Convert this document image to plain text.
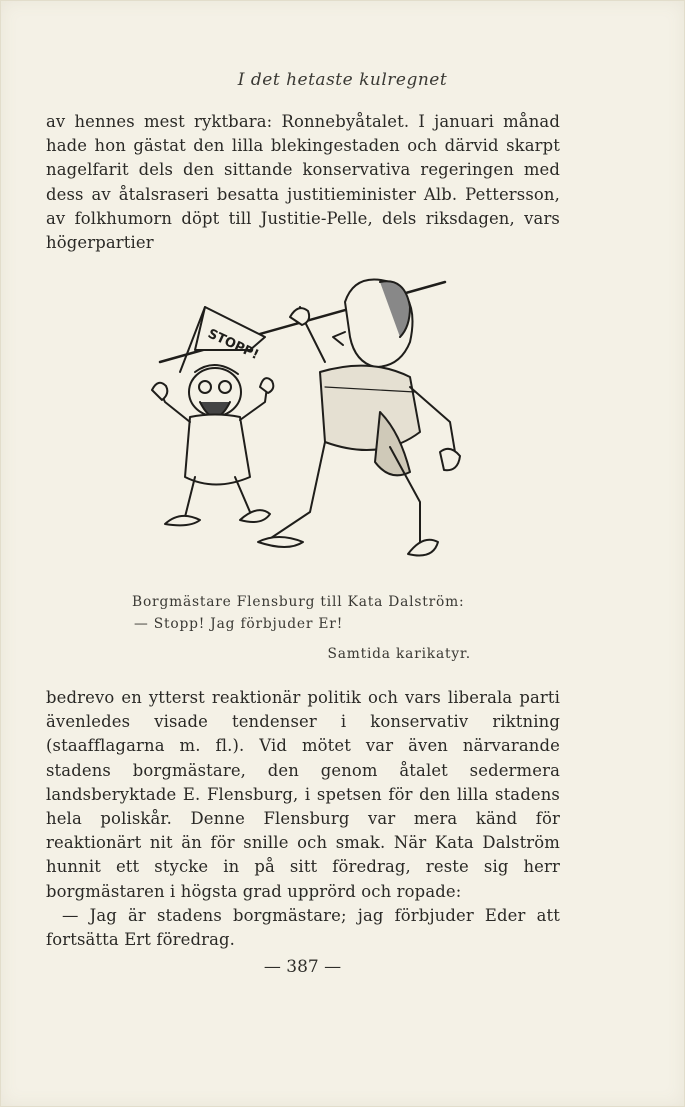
I det hetaste kulregnet

av hennes mest ryktbara: Ronnebyåtalet. I januari månad hade hon gästat den lilla blekingestaden och därvid skarpt nagelfarit dels den sittande konservativa regeringen med dess av åtalsraseri besatta justitieminister Alb. Pettersson, av folkhumorn döpt till Justitie-Pelle, dels riksdagen, vars högerpartier

STOPP!
Borgmästare Flensburg till Kata Dalström:
— Stopp! Jag förbjuder Er!
Samtida karikatyr.

bedrevo en ytterst reaktionär politik och vars liberala parti ävenledes visade tendenser i konservativ riktning (staafflagarna m. fl.). Vid mötet var även närvarande stadens borgmästare, den genom åtalet sedermera landsberyktade E. Flensburg, i spetsen för den lilla stadens hela poliskår. Denne Flensburg var mera känd för reaktionärt nit än för snille och smak. När Kata Dalström hunnit ett stycke in på sitt föredrag, reste sig herr borgmästaren i högsta grad upprörd och ropade:

— Jag är stadens borgmästare; jag förbjuder Eder att fortsätta Ert föredrag.

— 387 —
